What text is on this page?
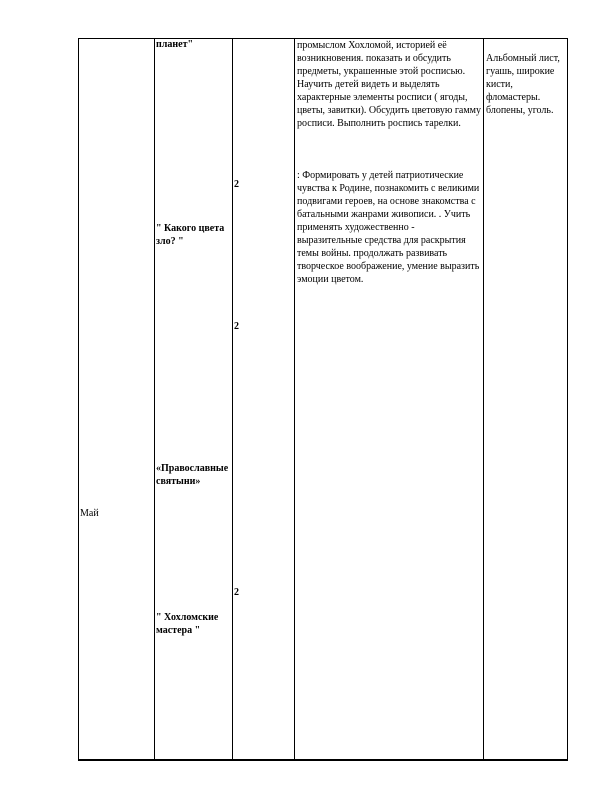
Май
планет"
" Какого цвета зло? "
«Православные святыни»
" Хохломские мастера "
2
2
2
промыслом Хохломой, историей её возникновения. показать и обсудить предметы, украшенные этой росписью. Научить детей видеть и выделять характерные элементы росписи ( ягоды, цветы, завитки). Обсудить цветовую гамму росписи. Выполнить роспись тарелки.
: Формировать у детей патриотические чувства к Родине, познакомить с великими подвигами героев, на основе знакомства с батальными жанрами живописи. . Учить применять художественно - выразительные средства для раскрытия темы войны. продолжать развивать творческое воображение, умение выразить эмоции цветом.
Альбомный лист, гуашь, широкие кисти, фломастеры. блопены, уголь.
